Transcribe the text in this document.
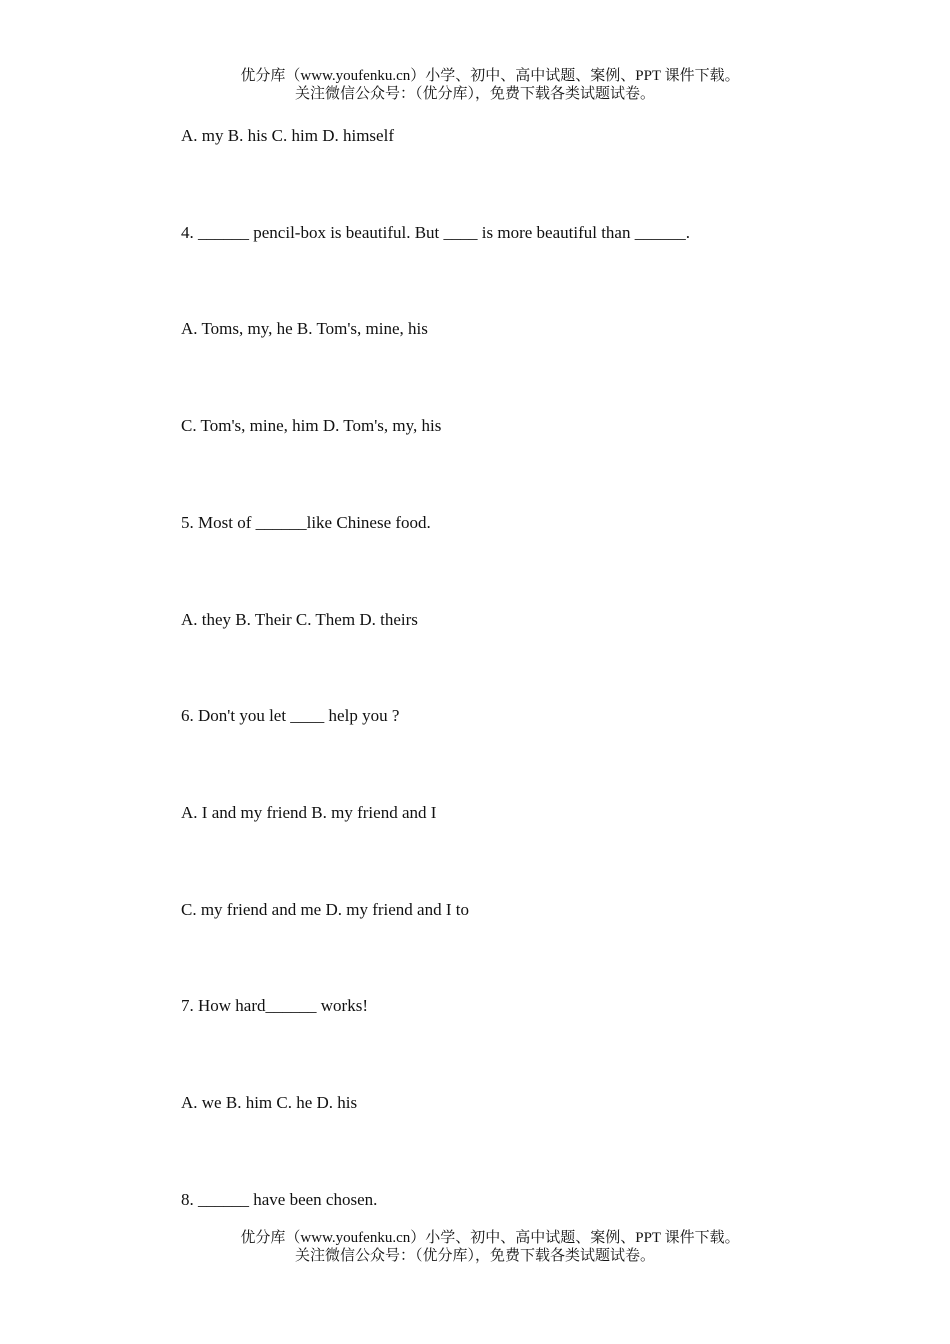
优分库（www.youfenku.cn）小学、初中、高中试题、案例、PPT 课件下载。
关注微信公众号：（优分库），免费下载各类试题试卷。
A. my B. his C. him D. himself
4. ______ pencil-box is beautiful. But ____ is more beautiful than ______.
A. Toms, my, he B. Tom's, mine, his
C. Tom's, mine, him D. Tom's, my, his
5. Most of ______like Chinese food.
A. they B. Their C. Them D. theirs
6. Don't you let ____ help you ?
A. I and my friend B. my friend and I
C. my friend and me D. my friend and I to
7. How hard______ works!
A. we B. him C. he D. his
8. ______ have been chosen.
优分库（www.youfenku.cn）小学、初中、高中试题、案例、PPT 课件下载。
关注微信公众号：（优分库），免费下载各类试题试卷。
